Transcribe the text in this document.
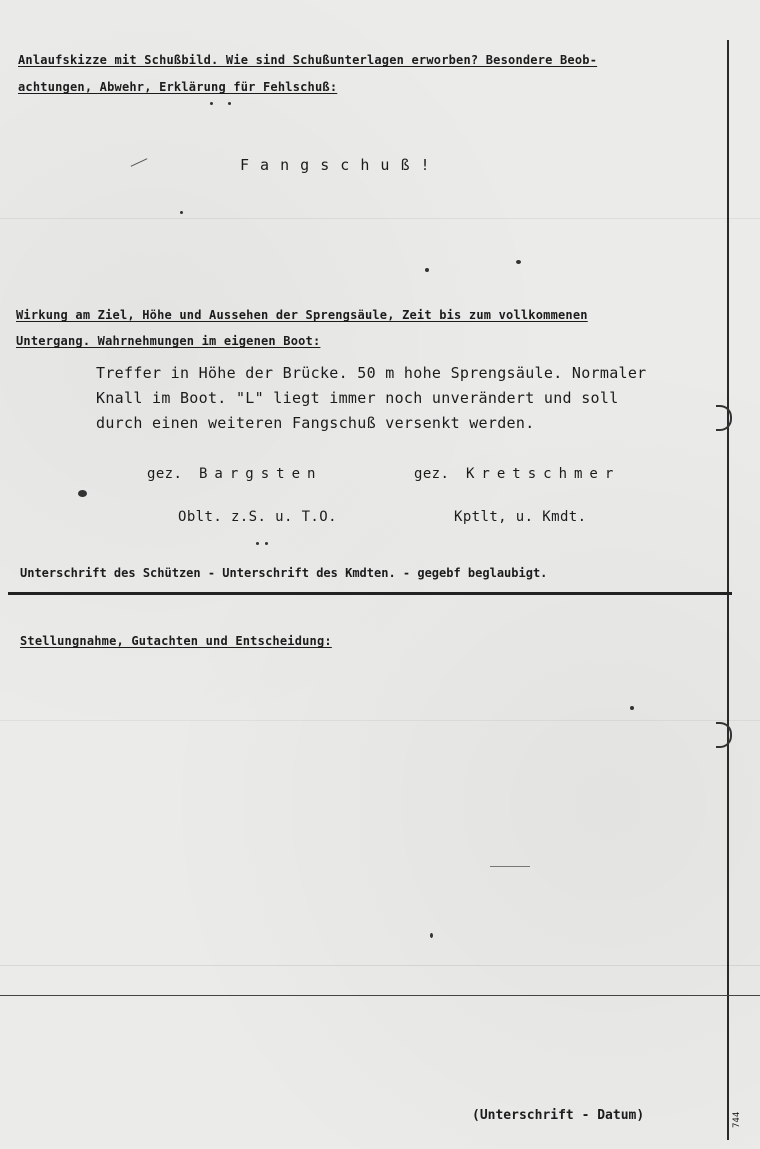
Anlaufskizze mit Schußbild. Wie sind Schußunterlagen erworben? Besondere Beob-
achtungen, Abwehr, Erklärung für Fehlschuß:
F a n g s c h u ß !
Wirkung am Ziel, Höhe und Aussehen der Sprengsäule, Zeit bis zum vollkommenen
Untergang. Wahrnehmungen im eigenen Boot:
Treffer in Höhe der Brücke. 50 m hohe Sprengsäule. Normaler
Knall im Boot. "L" liegt immer noch unverändert und soll
durch einen weiteren Fangschuß versenkt werden.
gez. Bargsten	gez. Kretschmer
Oblt. z.S. u. T.O.	Kptlt, u. Kmdt.
Unterschrift des Schützen - Unterschrift des Kmdten. - gegebf beglaubigt.
Stellungnahme, Gutachten und Entscheidung:
(Unterschrift - Datum)	744
